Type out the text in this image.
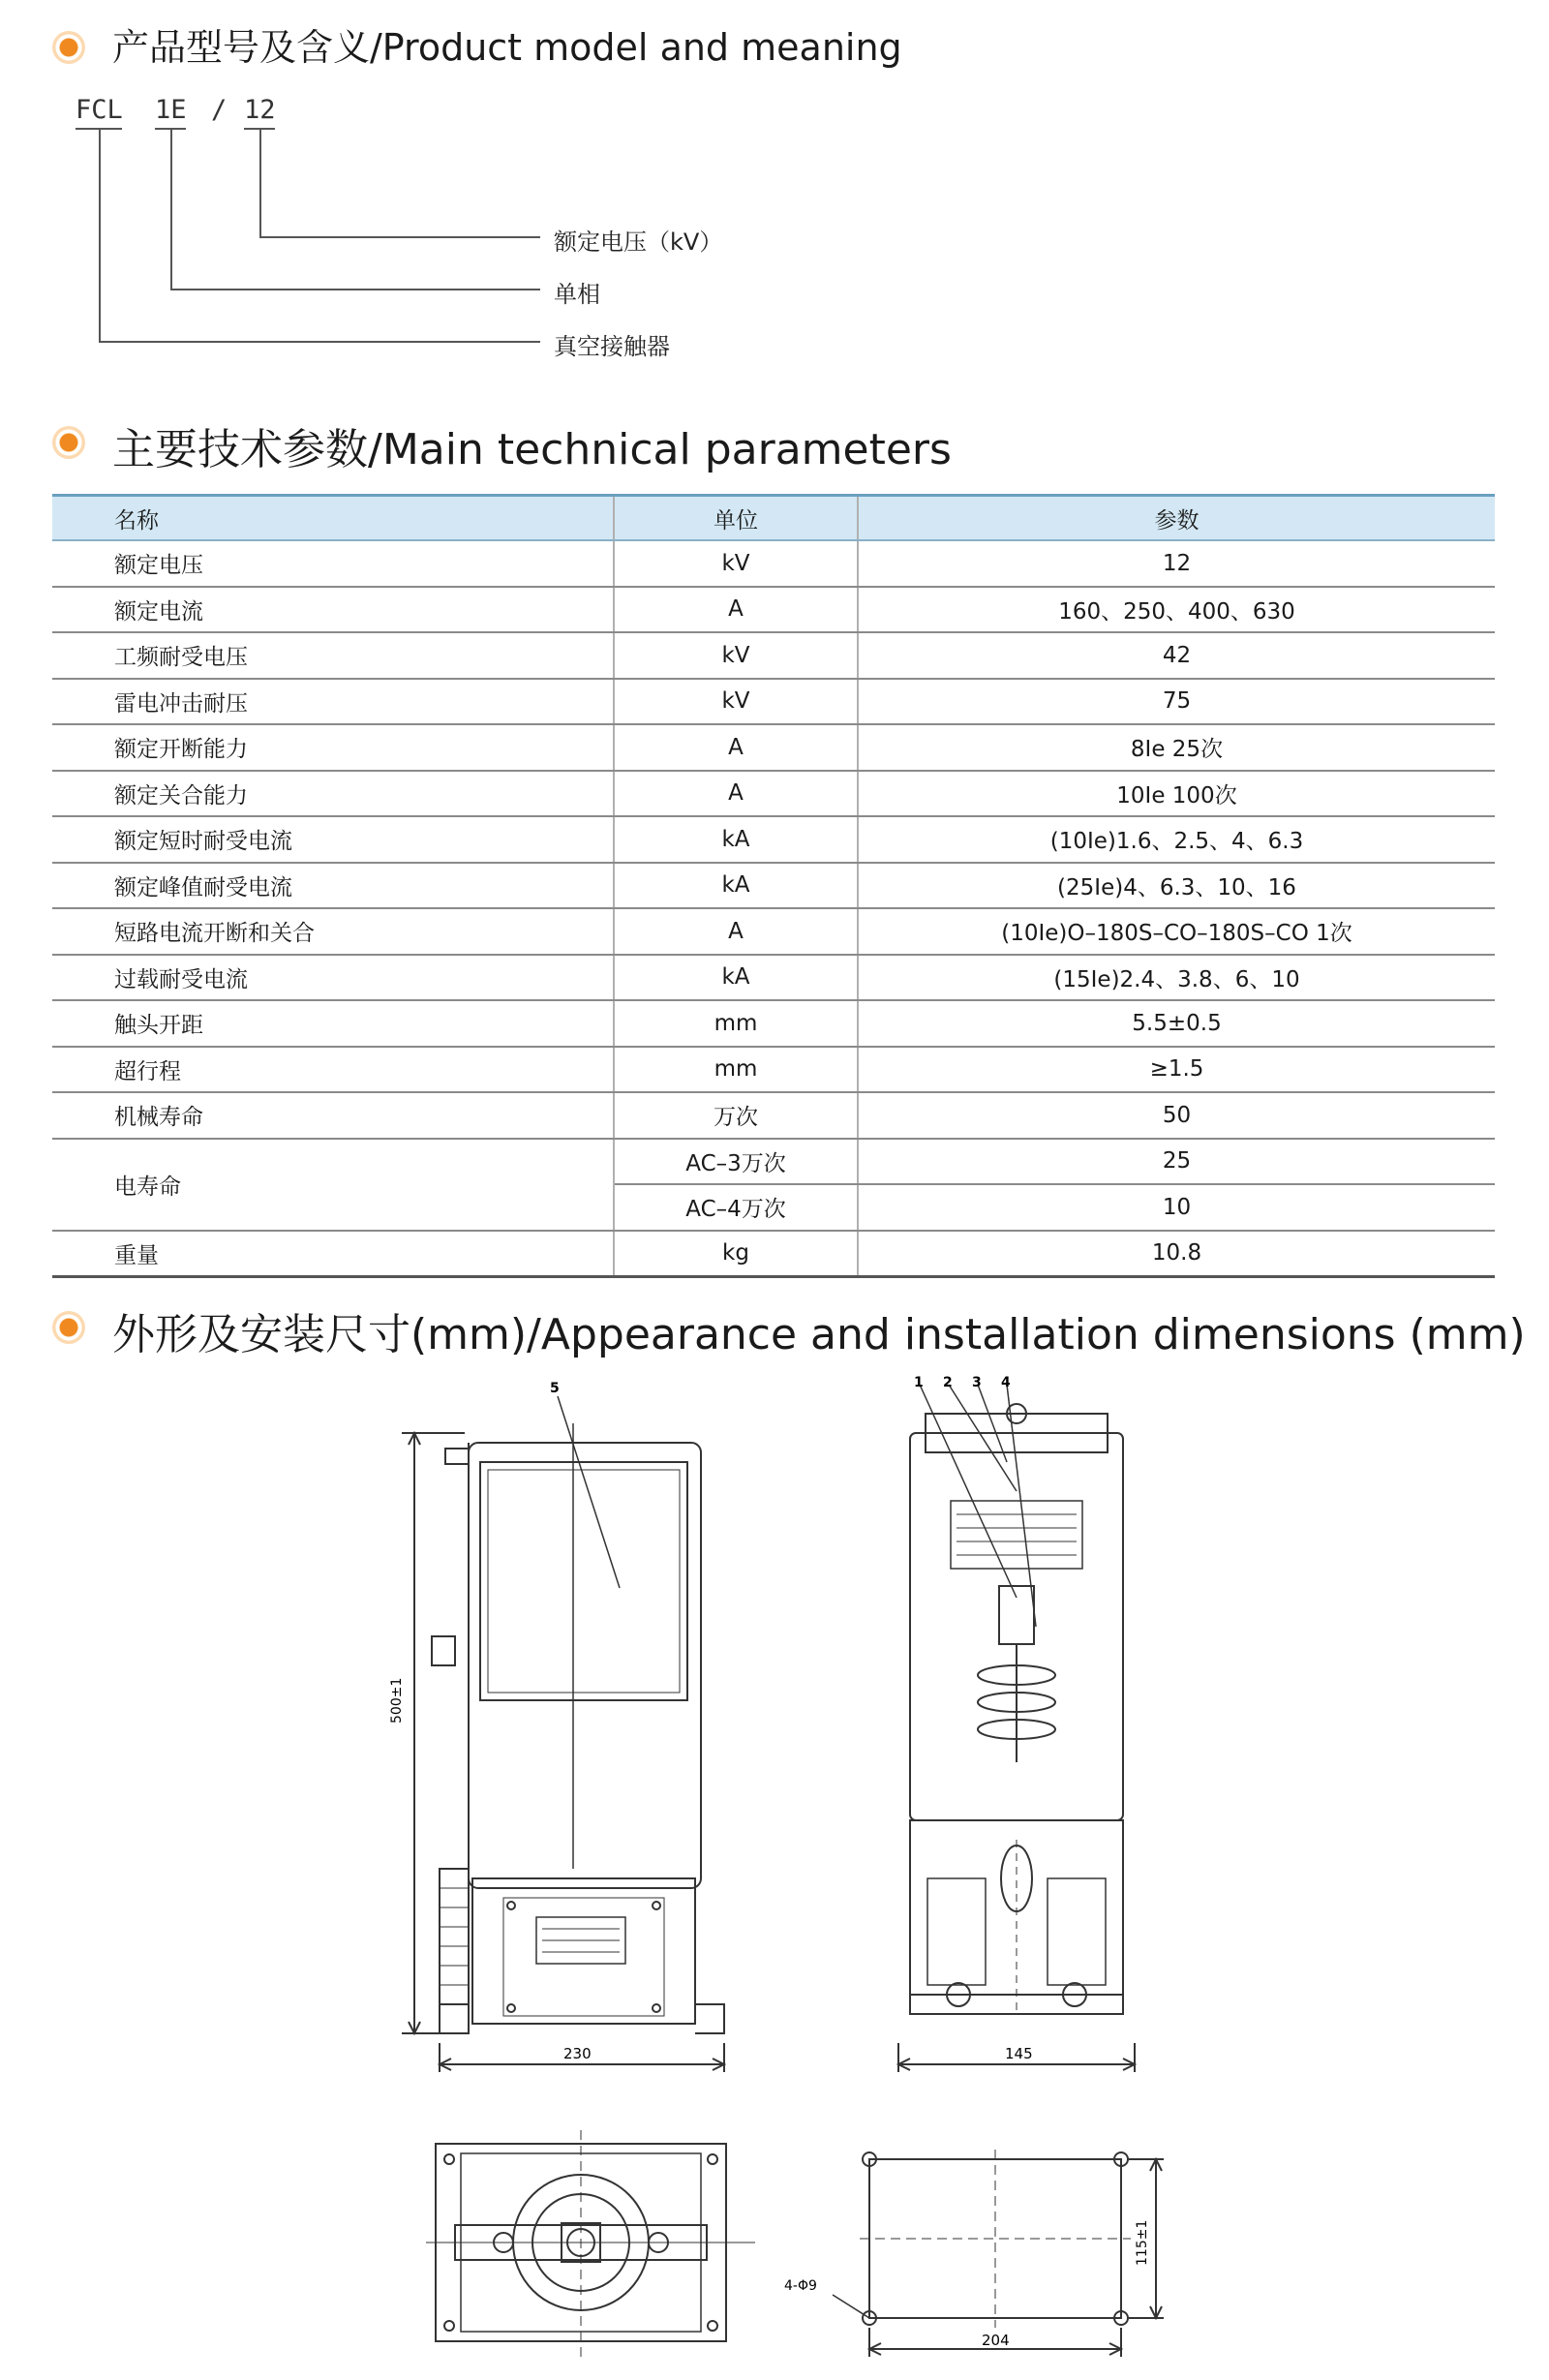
产品型号及含义/Product model and meaning
FCL 1E / 12
额定电压（kV）
单相
真空接触器
主要技术参数/Main technical parameters
名称	单位	参数
额定电压	kV	12
额定电流	A	160、250、400、630
工频耐受电压	kV	42
雷电冲击耐压	kV	75
额定开断能力	A	8Ie 25次
额定关合能力	A	10Ie 100次
额定短时耐受电流	kA	(10Ie)1.6、2.5、4、6.3
额定峰值耐受电流	kA	(25Ie)4、6.3、10、16
短路电流开断和关合	A	(10Ie)O–180S–CO–180S–CO 1次
过载耐受电流	kA	(15Ie)2.4、3.8、6、10
触头开距	mm	5.5±0.5
超行程	mm	≥1.5
机械寿命	万次	50
电寿命	AC–3万次	25
	AC–4万次	10
重量	kg	10.8
外形及安装尺寸(mm)/Appearance and installation dimensions (mm)
5
500±1
230
1 2 3 4
145
4-Φ9
204
115±1
